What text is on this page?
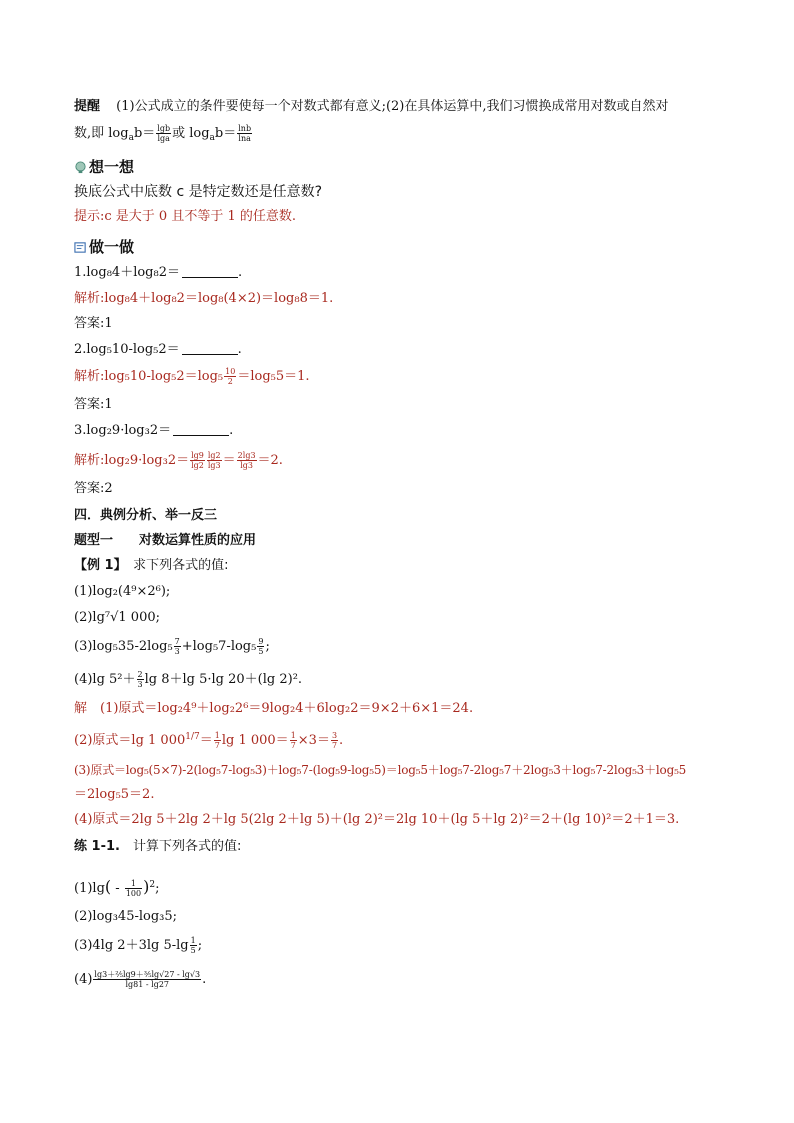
提醒 (1)公式成立的条件要使每一个对数式都有意义;(2)在具体运算中,我们习惯换成常用对数或自然对
数,即 $\log_ab= \frac{\lg b}{\lg a}$ 或 $\log_ab= \frac{\ln b}{\ln a}$
想一想
换底公式中底数 c 是特定数还是任意数?
提示:c 是大于 0 且不等于 1 的任意数.
做一做
1.log₈4＋log₈2＝	.
解析:log₈4＋log₈2＝log₈(4×2)＝log₈8＝1.
答案:1
2.log₅10-log₅2＝	.
解析:log₅10-log₅2＝log₅ $\frac{10}{2} =\log_55=1$.
答案:1
3.log₂9·log₃2＝	.
解析:log₂9·log₃2＝ $\frac{\lg 9}{\lg 2} \frac{\lg 2}{\lg 3} = \frac{2\lg 3}{\lg 3} =2$.
答案:2
四．典例分析、举一反三
题型一　　对数运算性质的应用
【例 1】　求下列各式的值:
(1)log₂(4⁹×2⁶);
(2)lg⁷√1 000;
$(3)\log_535-2\log_5 \frac{7}{3} +\log_57-\log_5 \frac{9}{5}$ ;
(4)lg $5^2+ \frac{2}{3}$ lg 8＋lg 5·lg 20＋(lg 2)².
解　(1)原式＝log₂4⁹＋log₂2⁶＝9log₂4＋6log₂2＝9×2＋6×1＝24.
(2)原式＝lg 1 $000^{1/7}= \frac{1}{7}$ lg 1 $000= \frac{1}{7} \times 3= \frac{3}{7}$ .
(3)原式＝log₅(5×7)-2(log₅7-log₅3)＋log₅7-(log₅9-log₅5)＝log₅5＋log₅7-2log₅7＋2log₅3＋log₅7-2log₅3＋log₅5
＝2log₅5＝2.
(4)原式＝2lg 5＋2lg 2＋lg 5(2lg 2＋lg 5)＋(lg 2)²＝2lg 10＋(lg 5＋lg 2)²＝2＋(lg 10)²＝2＋1＝3.
练 1-1.　计算下列各式的值:
$(1)\lg( - \frac{1}{100} )^2$;
(2)log₃45-log₃5;
(3)4lg 2＋3lg $5-\lg \frac{1}{5}$ ;
$(4) \frac{\text{lg3＋⅖lg9＋⅗lg√27 - lg√3}}{\lg 81 - \lg 27}$ .
